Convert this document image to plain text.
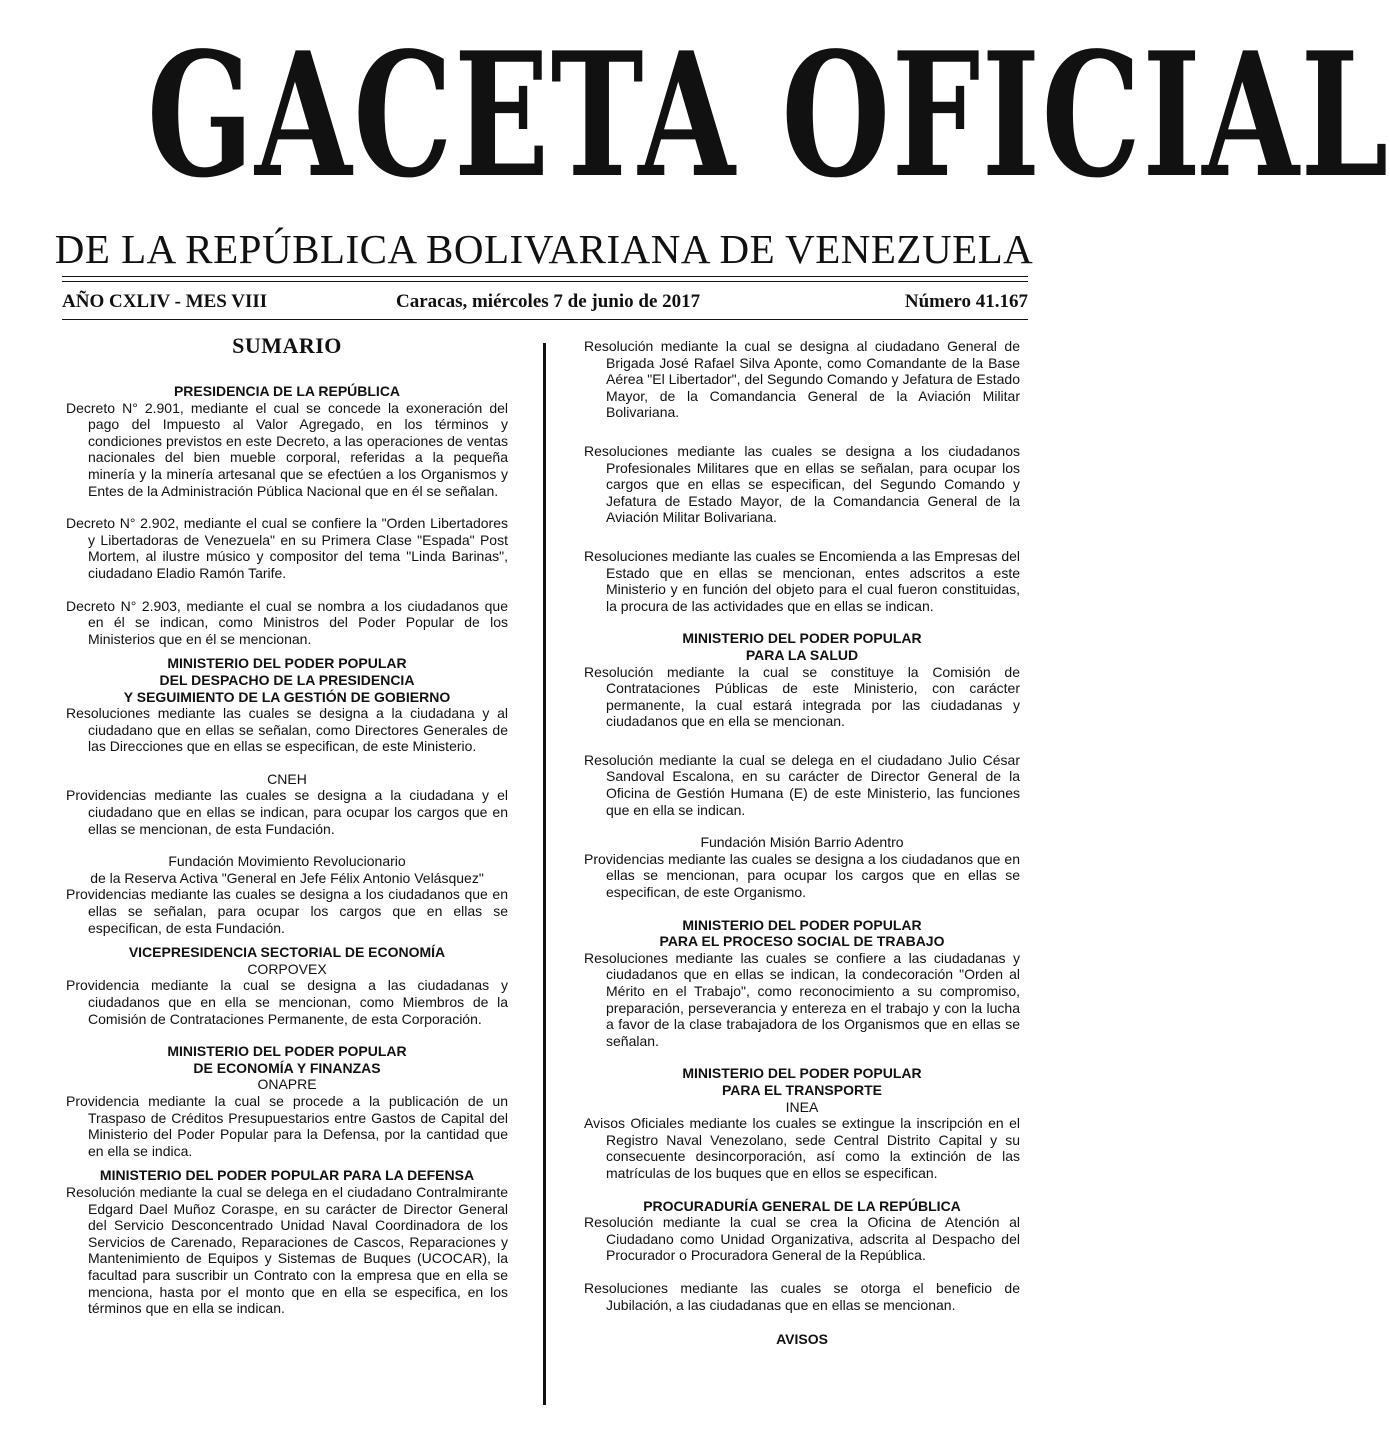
GACETA OFICIAL
DE LA REPÚBLICA BOLIVARIANA DE VENEZUELA
AÑO CXLIV - MES VIII	Caracas, miércoles 7 de junio de 2017	Número 41.167
SUMARIO
PRESIDENCIA DE LA REPÚBLICA
Decreto N° 2.901, mediante el cual se concede la exoneración del pago del Impuesto al Valor Agregado, en los términos y condiciones previstos en este Decreto, a las operaciones de ventas nacionales del bien mueble corporal, referidas a la pequeña minería y la minería artesanal que se efectúen a los Organismos y Entes de la Administración Pública Nacional que en él se señalan.
Decreto N° 2.902, mediante el cual se confiere la "Orden Libertadores y Libertadoras de Venezuela" en su Primera Clase "Espada" Post Mortem, al ilustre músico y compositor del tema "Linda Barinas", ciudadano Eladio Ramón Tarife.
Decreto N° 2.903, mediante el cual se nombra a los ciudadanos que en él se indican, como Ministros del Poder Popular de los Ministerios que en él se mencionan.
MINISTERIO DEL PODER POPULAR
DEL DESPACHO DE LA PRESIDENCIA
Y SEGUIMIENTO DE LA GESTIÓN DE GOBIERNO
Resoluciones mediante las cuales se designa a la ciudadana y al ciudadano que en ellas se señalan, como Directores Generales de las Direcciones que en ellas se especifican, de este Ministerio.
CNEH
Providencias mediante las cuales se designa a la ciudadana y el ciudadano que en ellas se indican, para ocupar los cargos que en ellas se mencionan, de esta Fundación.
Fundación Movimiento Revolucionario
de la Reserva Activa "General en Jefe Félix Antonio Velásquez"
Providencias mediante las cuales se designa a los ciudadanos que en ellas se señalan, para ocupar los cargos que en ellas se especifican, de esta Fundación.
VICEPRESIDENCIA SECTORIAL DE ECONOMÍA
CORPOVEX
Providencia mediante la cual se designa a las ciudadanas y ciudadanos que en ella se mencionan, como Miembros de la Comisión de Contrataciones Permanente, de esta Corporación.
MINISTERIO DEL PODER POPULAR
DE ECONOMÍA Y FINANZAS
ONAPRE
Providencia mediante la cual se procede a la publicación de un Traspaso de Créditos Presupuestarios entre Gastos de Capital del Ministerio del Poder Popular para la Defensa, por la cantidad que en ella se indica.
MINISTERIO DEL PODER POPULAR PARA LA DEFENSA
Resolución mediante la cual se delega en el ciudadano Contralmirante Edgard Dael Muñoz Coraspe, en su carácter de Director General del Servicio Desconcentrado Unidad Naval Coordinadora de los Servicios de Carenado, Reparaciones de Cascos, Reparaciones y Mantenimiento de Equipos y Sistemas de Buques (UCOCAR), la facultad para suscribir un Contrato con la empresa que en ella se menciona, hasta por el monto que en ella se especifica, en los términos que en ella se indican.
Resolución mediante la cual se designa al ciudadano General de Brigada José Rafael Silva Aponte, como Comandante de la Base Aérea "El Libertador", del Segundo Comando y Jefatura de Estado Mayor, de la Comandancia General de la Aviación Militar Bolivariana.
Resoluciones mediante las cuales se designa a los ciudadanos Profesionales Militares que en ellas se señalan, para ocupar los cargos que en ellas se especifican, del Segundo Comando y Jefatura de Estado Mayor, de la Comandancia General de la Aviación Militar Bolivariana.
Resoluciones mediante las cuales se Encomienda a las Empresas del Estado que en ellas se mencionan, entes adscritos a este Ministerio y en función del objeto para el cual fueron constituidas, la procura de las actividades que en ellas se indican.
MINISTERIO DEL PODER POPULAR
PARA LA SALUD
Resolución mediante la cual se constituye la Comisión de Contrataciones Públicas de este Ministerio, con carácter permanente, la cual estará integrada por las ciudadanas y ciudadanos que en ella se mencionan.
Resolución mediante la cual se delega en el ciudadano Julio César Sandoval Escalona, en su carácter de Director General de la Oficina de Gestión Humana (E) de este Ministerio, las funciones que en ella se indican.
Fundación Misión Barrio Adentro
Providencias mediante las cuales se designa a los ciudadanos que en ellas se mencionan, para ocupar los cargos que en ellas se especifican, de este Organismo.
MINISTERIO DEL PODER POPULAR
PARA EL PROCESO SOCIAL DE TRABAJO
Resoluciones mediante las cuales se confiere a las ciudadanas y ciudadanos que en ellas se indican, la condecoración "Orden al Mérito en el Trabajo", como reconocimiento a su compromiso, preparación, perseverancia y entereza en el trabajo y con la lucha a favor de la clase trabajadora de los Organismos que en ellas se señalan.
MINISTERIO DEL PODER POPULAR
PARA EL TRANSPORTE
INEA
Avisos Oficiales mediante los cuales se extingue la inscripción en el Registro Naval Venezolano, sede Central Distrito Capital y su consecuente desincorporación, así como la extinción de las matrículas de los buques que en ellos se especifican.
PROCURADURÍA GENERAL DE LA REPÚBLICA
Resolución mediante la cual se crea la Oficina de Atención al Ciudadano como Unidad Organizativa, adscrita al Despacho del Procurador o Procuradora General de la República.
Resoluciones mediante las cuales se otorga el beneficio de Jubilación, a las ciudadanas que en ellas se mencionan.
AVISOS
